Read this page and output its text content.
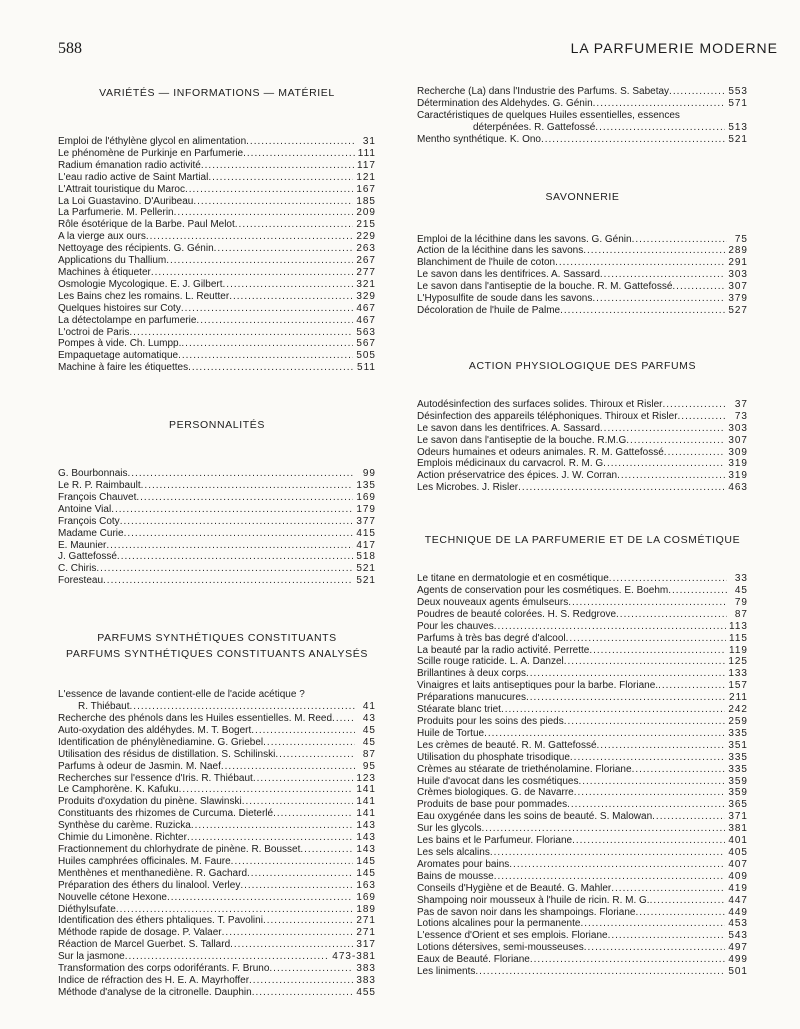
588	LA PARFUMERIE MODERNE
VARIÉTÉS — INFORMATIONS — MATÉRIEL
Emploi de l'éthylène glycol en alimentation .....	31
Le phénomène de Purkinje en Parfumerie .....	111
Radium émanation radio activité .....	117
L'eau radio active de Saint Martial .....	121
L'Attrait touristique du Maroc .....	167
La Loi Guastavino. D'Auribeau .....	185
La Parfumerie. M. Pellerin .....	209
Rôle ésotérique de la Barbe. Paul Melot .....	215
A la vierge aux ours .....	229
Nettoyage des récipients. G. Génin .....	263
Applications du Thallium .....	267
Machines à étiqueter .....	277
Osmologie Mycologique. E. J. Gilbert .....	321
Les Bains chez les romains. L. Reutter .....	329
Quelques histoires sur Coty .....	467
La détectolampe en parfumerie .....	467
L'octroi de Paris .....	563
Pompes à vide. Ch. Lumpp. .....	567
Empaquetage automatique .....	505
Machine à faire les étiquettes .....	511
PERSONNALITÉS
G. Bourbonnais .....	99
Le R. P. Raimbault .....	135
François Chauvet .....	169
Antoine Vial .....	179
François Coty .....	377
Madame Curie .....	415
E. Maunier .....	417
J. Gattefossé .....	518
C. Chiris .....	521
Foresteau .....	521
PARFUMS SYNTHÉTIQUES CONSTITUANTS
PARFUMS SYNTHÉTIQUES CONSTITUANTS ANALYSÉS
L'essence de lavande contient-elle de l'acide acétique ?
R. Thiébaut .....	41
Recherche des phénols dans les Huiles essentielles. M. Reed .....	43
Auto-oxydation des aldéhydes. M. T. Bogert .....	45
Identification de phénylènediamine. G. Griebel .....	45
Utilisation des résidus de distillation. S. Schilinski .....	87
Parfums à odeur de Jasmin. M. Naef .....	95
Recherches sur l'essence d'Iris. R. Thiébaut .....	123
Le Camphorène. K. Kafuku .....	141
Produits d'oxydation du pinène. Slawinski .....	141
Constituants des rhizomes de Curcuma. Dieterlé .....	141
Synthèse du carème. Ruzicka .....	143
Chimie du Limonène. Richter .....	143
Fractionnement du chlorhydrate de pinène. R. Bousset .....	143
Huiles camphrées officinales. M. Faure .....	145
Menthènes et menthanediène. R. Gachard .....	145
Préparation des éthers du linalool. Verley .....	163
Nouvelle cétone Hexone .....	169
Diéthylsufate .....	189
Identification des éthers phtaliques. T. Pavolini .....	271
Méthode rapide de dosage. P. Valaer .....	271
Réaction de Marcel Guerbet. S. Tallard .....	317
Sur la jasmone .....	473-381
Transformation des corps odoriférants. F. Bruno .....	383
Indice de réfraction des H. E. A. Mayrhoffer .....	383
Méthode d'analyse de la citronelle. Dauphin .....	455
Recherche (La) dans l'Industrie des Parfums. S. Sabetay .....	553
Détermination des Aldehydes. G. Génin .....	571
Caractéristiques de quelques Huiles essentielles, essences
déterpénées. R. Gattefossé .....	513
Mentho synthétique. K. Ono .....	521
SAVONNERIE
Emploi de la lécithine dans les savons. G. Génin .....	75
Action de la lécithine dans les savons .....	289
Blanchiment de l'huile de coton .....	291
Le savon dans les dentifrices. A. Sassard .....	303
Le savon dans l'antiseptie de la bouche. R. M. Gattefossé .....	307
L'Hyposulfite de soude dans les savons .....	379
Décoloration de l'huile de Palme .....	527
ACTION PHYSIOLOGIQUE DES PARFUMS
Autodésinfection des surfaces solides. Thiroux et Risler .....	37
Désinfection des appareils téléphoniques. Thiroux et Risler .....	73
Le savon dans les dentifrices. A. Sassard .....	303
Le savon dans l'antiseptie de la bouche. R.M.G .....	307
Odeurs humaines et odeurs animales. R. M. Gattefossé .....	309
Emplois médicinaux du carvacrol. R. M. G .....	319
Action préservatrice des épices. J. W. Corran .....	319
Les Microbes. J. Risler .....	463
TECHNIQUE DE LA PARFUMERIE ET DE LA COSMÉTIQUE
Le titane en dermatologie et en cosmétique .....	33
Agents de conservation pour les cosmétiques. E. Boehm .....	45
Deux nouveaux agents émulseurs .....	79
Poudres de beauté colorées. H. S. Redgrove .....	87
Pour les chauves .....	113
Parfums à très bas degré d'alcool .....	115
La beauté par la radio activité. Perrette .....	119
Scille rouge raticide. L. A. Danzel .....	125
Brillantines à deux corps .....	133
Vinaigres et laits antiseptiques pour la barbe. Floriane. .....	157
Préparations manucures .....	211
Stéarate blanc triet .....	242
Produits pour les soins des pieds .....	259
Huile de Tortue .....	335
Les crèmes de beauté. R. M. Gattefossé .....	351
Utilisation du phosphate trisodique .....	335
Crèmes au stéarate de triethénolamine. Floriane .....	335
Huile d'avocat dans les cosmétiques .....	359
Crèmes biologiques. G. de Navarre .....	359
Produits de base pour pommades .....	365
Eau oxygénée dans les soins de beauté. S. Malowan .....	371
Sur les glycols .....	381
Les bains et le Parfumeur. Floriane .....	401
Les sels alcalins .....	405
Aromates pour bains .....	407
Bains de mousse .....	409
Conseils d'Hygiène et de Beauté. G. Mahler .....	419
Shampoing noir mousseux à l'huile de ricin. R. M. G. .....	447
Pas de savon noir dans les shampoings. Floriane .....	449
Lotions alcalines pour la permanente .....	453
L'essence d'Orient et ses emplois. Floriane .....	543
Lotions détersives, semi-mousseuses .....	497
Eaux de Beauté. Floriane .....	499
Les liniments .....	501
